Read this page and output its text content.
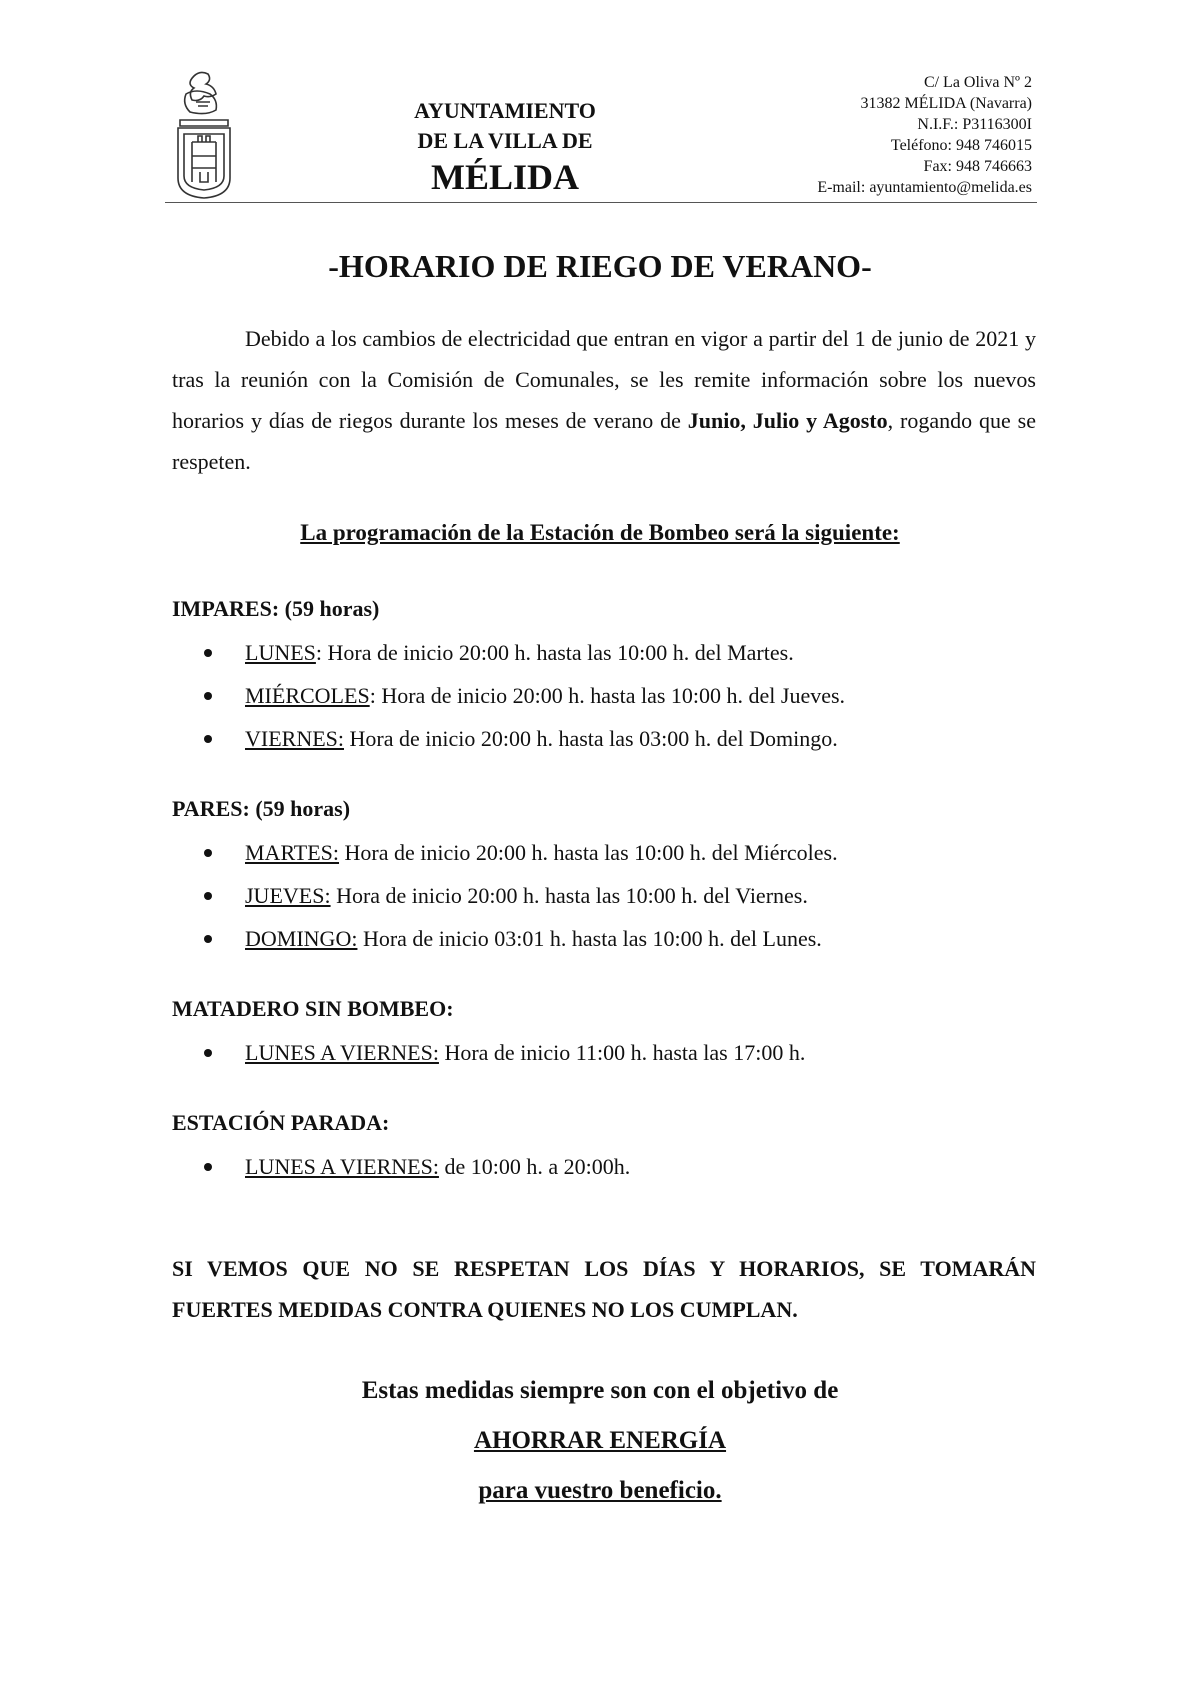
AYUNTAMIENTO
DE LA VILLA DE
MÉLIDA
C/ La Oliva Nº 2
31382 MÉLIDA (Navarra)
N.I.F.: P3116300I
Teléfono: 948 746015
Fax: 948 746663
E-mail: ayuntamiento@melida.es
-HORARIO DE RIEGO DE VERANO-
Debido a los cambios de electricidad que entran en vigor a partir del 1 de junio de 2021 y tras la reunión con la Comisión de Comunales, se les remite información sobre los nuevos horarios y días de riegos durante los meses de verano de Junio, Julio y Agosto, rogando que se respeten.
La programación de la Estación de Bombeo será la siguiente:
IMPARES: (59 horas)
LUNES: Hora de inicio 20:00 h. hasta las 10:00 h. del Martes.
MIÉRCOLES: Hora de inicio 20:00 h. hasta las 10:00 h. del Jueves.
VIERNES: Hora de inicio 20:00 h. hasta las 03:00 h. del Domingo.
PARES: (59 horas)
MARTES: Hora de inicio 20:00 h. hasta las 10:00 h. del Miércoles.
JUEVES: Hora de inicio 20:00 h. hasta las 10:00 h. del Viernes.
DOMINGO: Hora de inicio 03:01 h. hasta las 10:00 h. del Lunes.
MATADERO SIN BOMBEO:
LUNES A VIERNES: Hora de inicio 11:00 h. hasta las 17:00 h.
ESTACIÓN PARADA:
LUNES A VIERNES: de 10:00 h. a 20:00h.
SI VEMOS QUE NO SE RESPETAN LOS DÍAS Y HORARIOS, SE TOMARÁN FUERTES MEDIDAS CONTRA QUIENES NO LOS CUMPLAN.
Estas medidas siempre son con el objetivo de
AHORRAR ENERGÍA
para vuestro beneficio.
